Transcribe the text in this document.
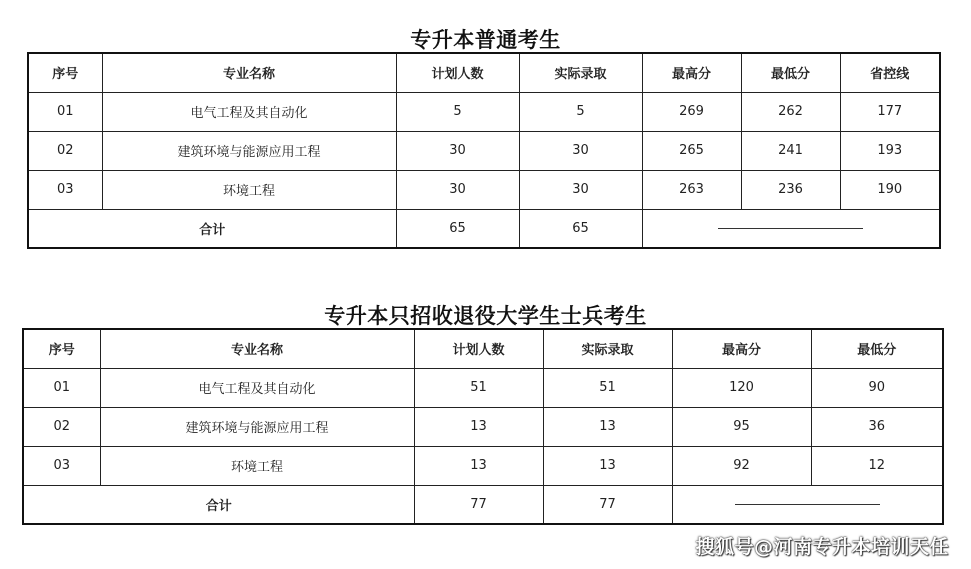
专升本普通考生
序号	专业名称	计划人数	实际录取	最高分	最低分	省控线
01	电气工程及其自动化	5	5	269	262	177
02	建筑环境与能源应用工程	30	30	265	241	193
03	环境工程	30	30	263	236	190
合计		65	65			
专升本只招收退役大学生士兵考生
序号	专业名称	计划人数	实际录取	最高分	最低分
01	电气工程及其自动化	51	51	120	90
02	建筑环境与能源应用工程	13	13	95	36
03	环境工程	13	13	92	12
合计		77	77		
搜狐号@河南专升本培训天任
